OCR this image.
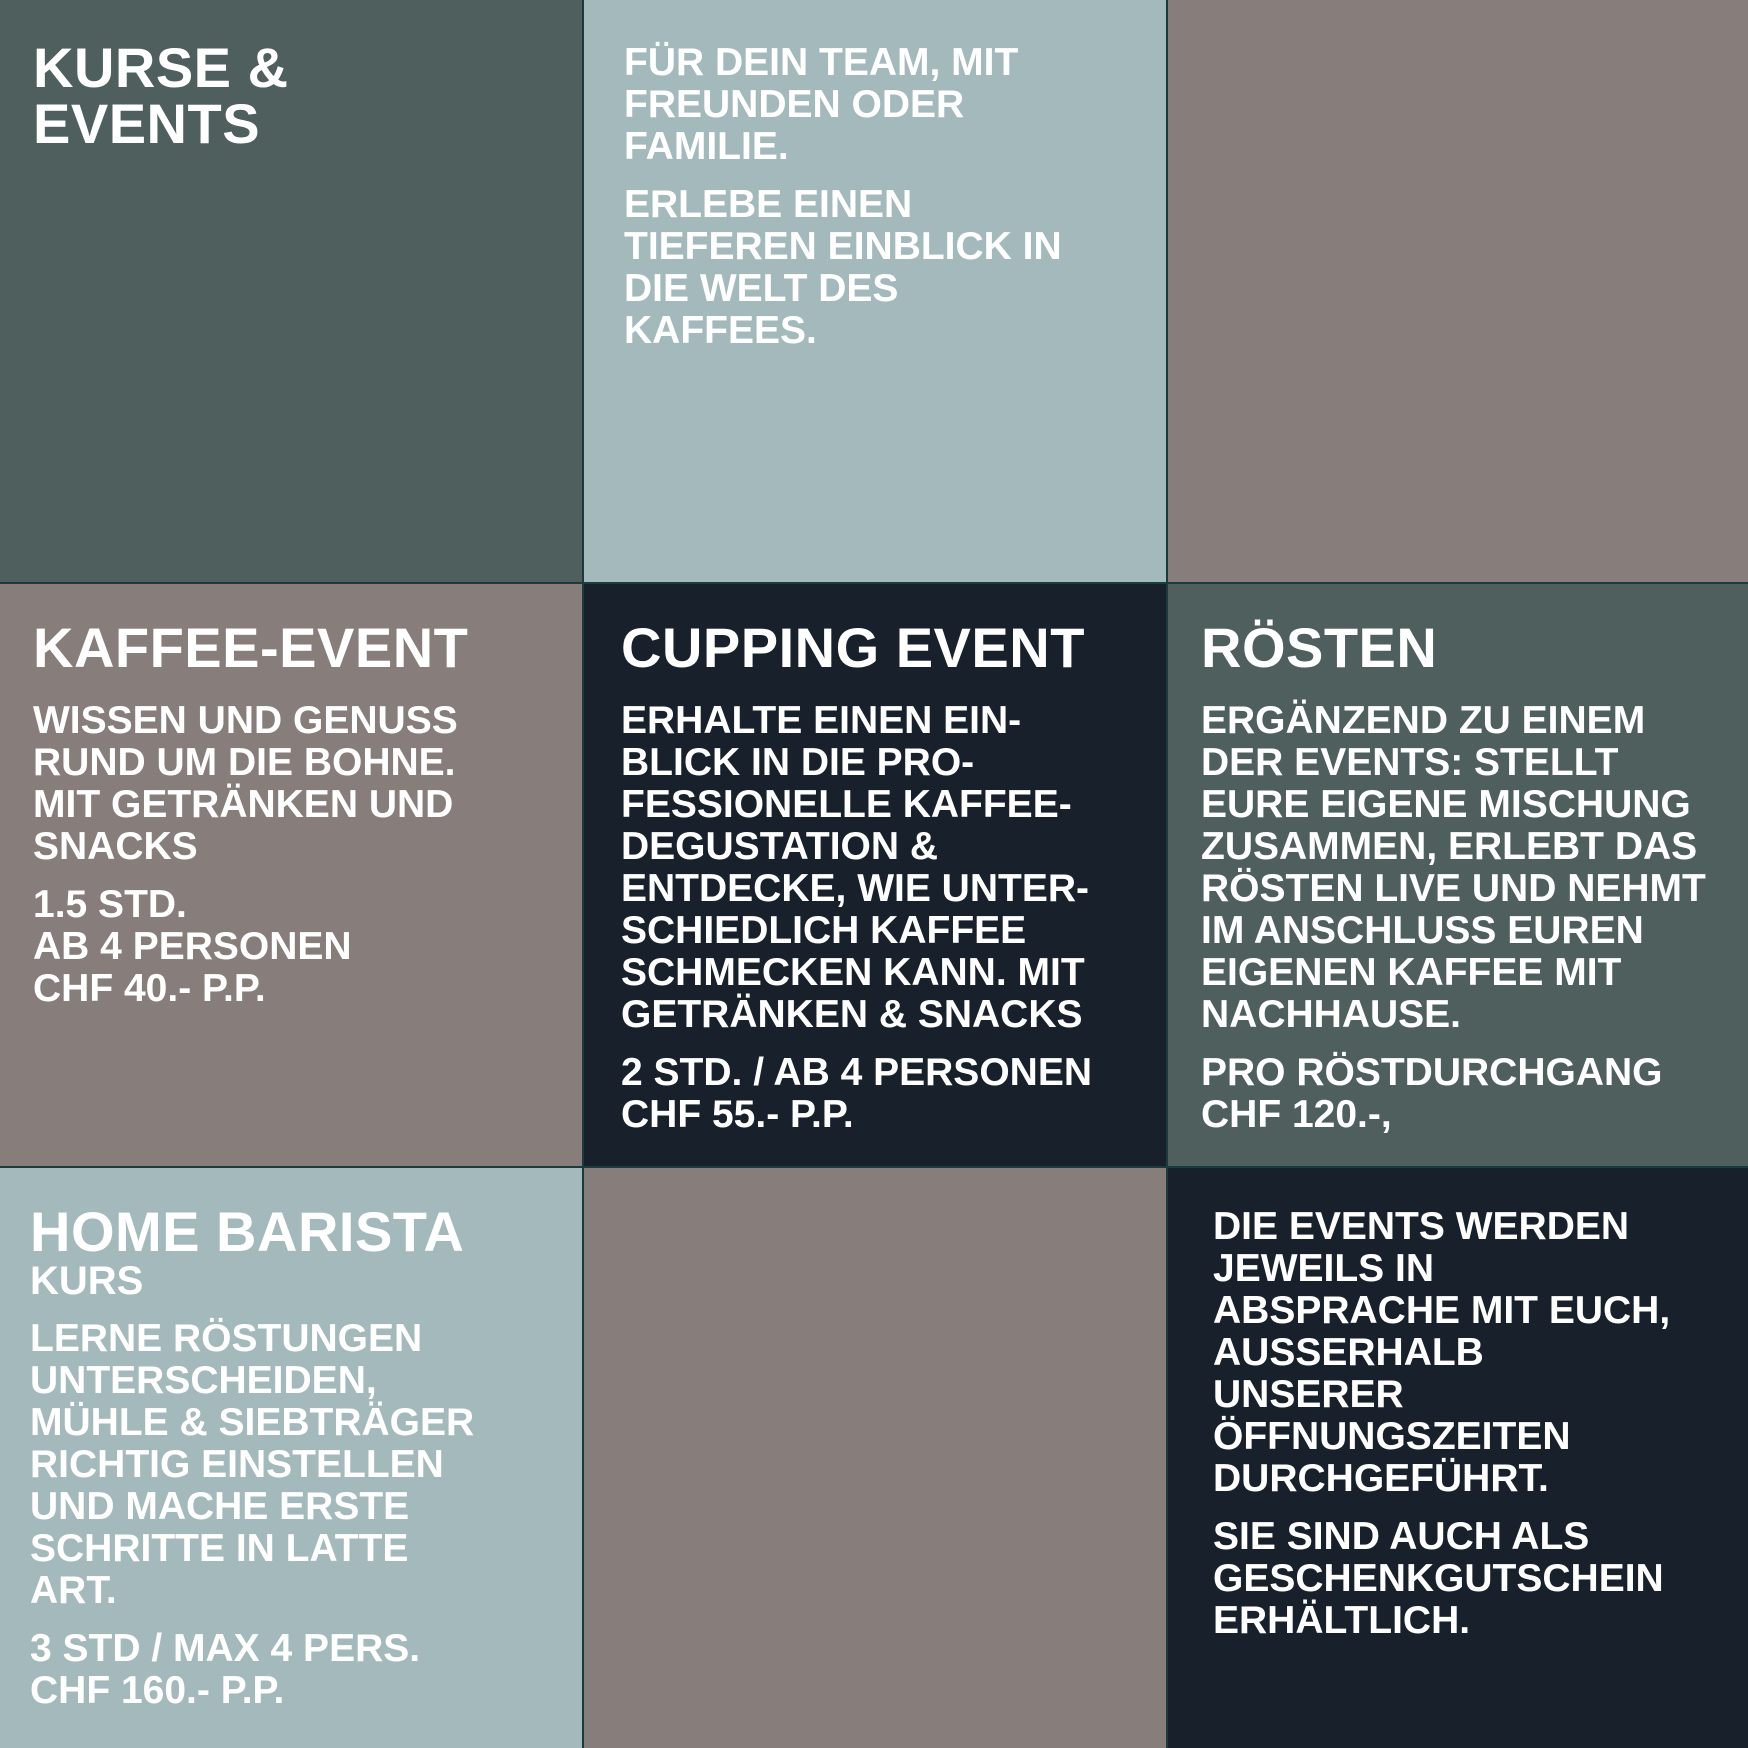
KURSE &

EVENTS

FÜR DEIN TEAM, MIT
FREUNDEN ODER
FAMILIE.

ERLEBE EINEN
TIEFEREN EINBLICK IN
DIE WELT DES
KAFFEES.

KAFFEE-EVENT

WISSEN UND GENUSS
RUND UM DIE BOHNE.
MIT GETRÄNKEN UND
SNACKS

1.5 STD.
AB 4 PERSONEN
CHF 40.- P.P.

CUPPING EVENT

ERHALTE EINEN EIN-
BLICK IN DIE PRO-
FESSIONELLE KAFFEE-
DEGUSTATION &
ENTDECKE, WIE UNTER-
SCHIEDLICH KAFFEE
SCHMECKEN KANN. MIT
GETRÄNKEN & SNACKS

2 STD. / AB 4 PERSONEN
CHF 55.- P.P.

RÖSTEN

ERGÄNZEND ZU EINEM
DER EVENTS: STELLT
EURE EIGENE MISCHUNG
ZUSAMMEN, ERLEBT DAS
RÖSTEN LIVE UND NEHMT
IM ANSCHLUSS EUREN
EIGENEN KAFFEE MIT
NACHHAUSE.

PRO RÖSTDURCHGANG
CHF 120.-,

HOME BARISTA

KURS

LERNE RÖSTUNGEN
UNTERSCHEIDEN,
MÜHLE & SIEBTRÄGER
RICHTIG EINSTELLEN
UND MACHE ERSTE
SCHRITTE IN LATTE
ART.

3 STD / MAX 4 PERS.
CHF 160.- P.P.

DIE EVENTS WERDEN
JEWEILS IN
ABSPRACHE MIT EUCH,
AUSSERHALB
UNSERER
ÖFFNUNGSZEITEN
DURCHGEFÜHRT.

SIE SIND AUCH ALS
GESCHENKGUTSCHEIN
ERHÄLTLICH.
